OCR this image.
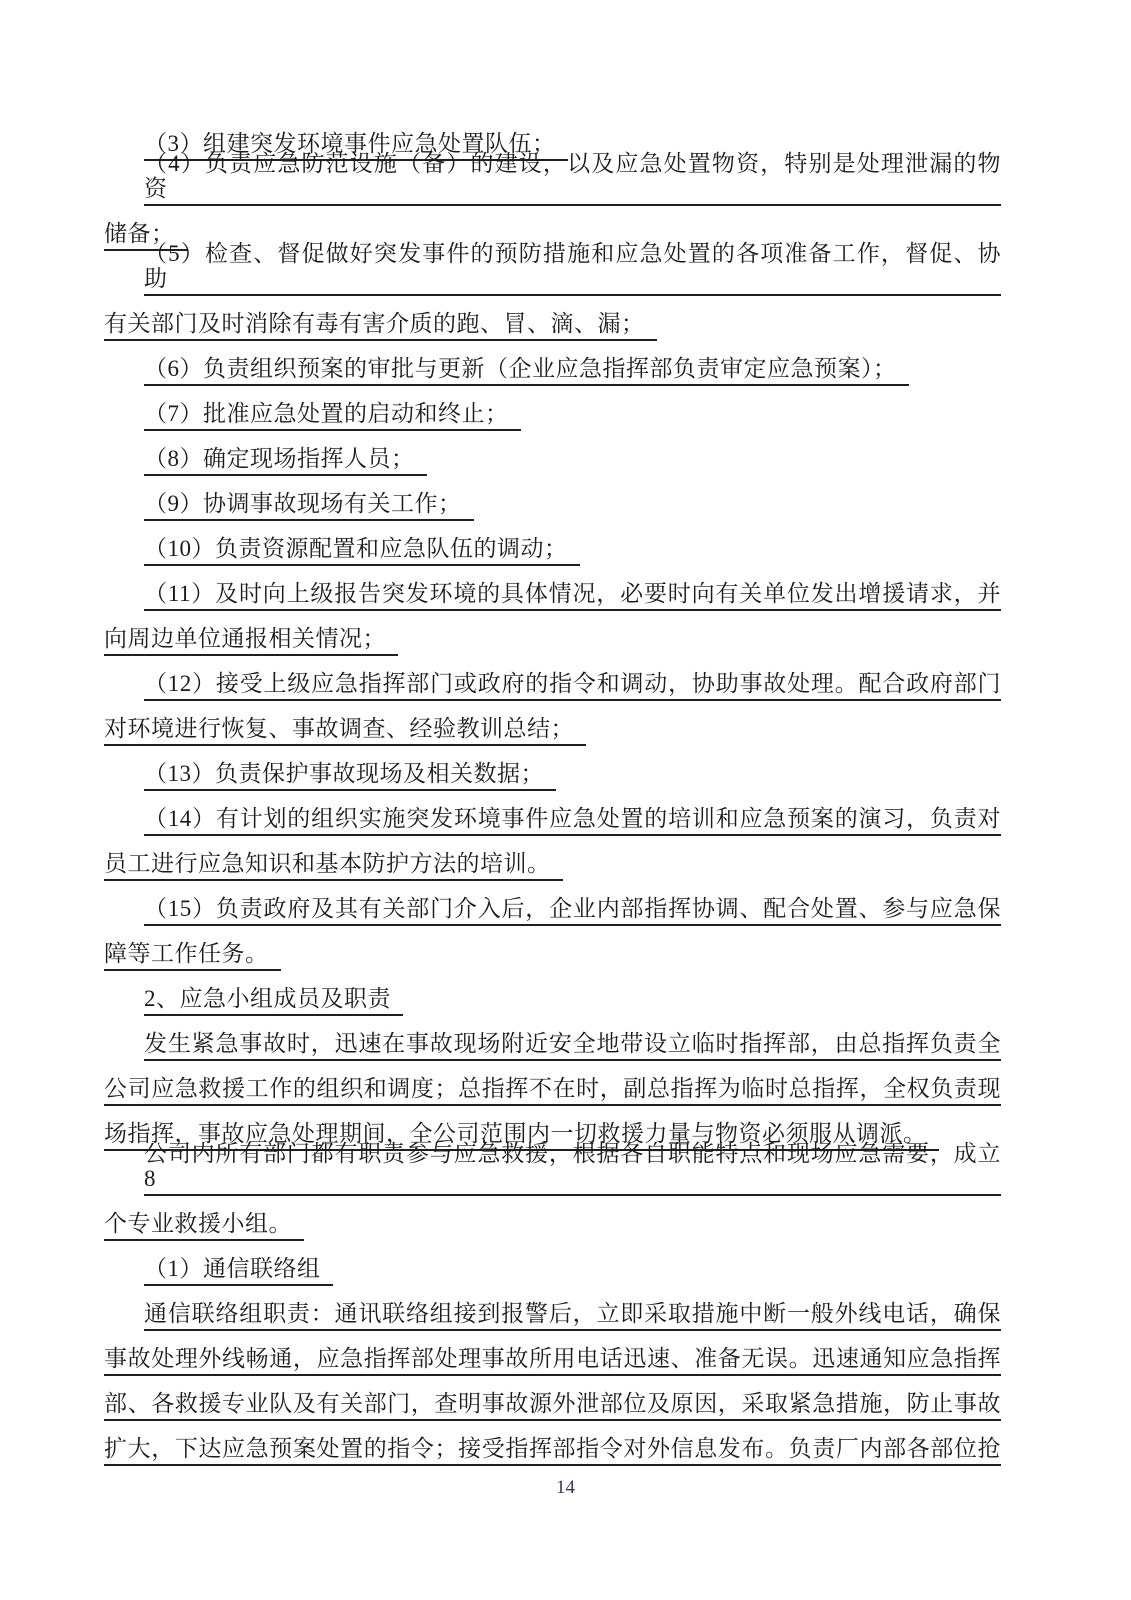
（3）组建突发环境事件应急处置队伍；
（4）负责应急防范设施（备）的建设，以及应急处置物资，特别是处理泄漏的物资
储备；
（5）检查、督促做好突发事件的预防措施和应急处置的各项准备工作，督促、协助
有关部门及时消除有毒有害介质的跑、冒、滴、漏；
（6）负责组织预案的审批与更新（企业应急指挥部负责审定应急预案）；
（7）批准应急处置的启动和终止；
（8）确定现场指挥人员；
（9）协调事故现场有关工作；
（10）负责资源配置和应急队伍的调动；
（11）及时向上级报告突发环境的具体情况，必要时向有关单位发出增援请求，并
向周边单位通报相关情况；
（12）接受上级应急指挥部门或政府的指令和调动，协助事故处理。配合政府部门
对环境进行恢复、事故调查、经验教训总结；
（13）负责保护事故现场及相关数据；
（14）有计划的组织实施突发环境事件应急处置的培训和应急预案的演习，负责对
员工进行应急知识和基本防护方法的培训。
（15）负责政府及其有关部门介入后，企业内部指挥协调、配合处置、参与应急保
障等工作任务。
2、应急小组成员及职责
发生紧急事故时，迅速在事故现场附近安全地带设立临时指挥部，由总指挥负责全
公司应急救援工作的组织和调度；总指挥不在时，副总指挥为临时总指挥，全权负责现
场指挥，事故应急处理期间，全公司范围内一切救援力量与物资必须服从调派。
公司内所有部门都有职责参与应急救援，根据各自职能特点和现场应急需要，成立 8
个专业救援小组。
（1）通信联络组
通信联络组职责：通讯联络组接到报警后，立即采取措施中断一般外线电话，确保
事故处理外线畅通，应急指挥部处理事故所用电话迅速、准备无误。迅速通知应急指挥
部、各救援专业队及有关部门，查明事故源外泄部位及原因，采取紧急措施，防止事故
扩大，下达应急预案处置的指令；接受指挥部指令对外信息发布。负责厂内部各部位抢
14
